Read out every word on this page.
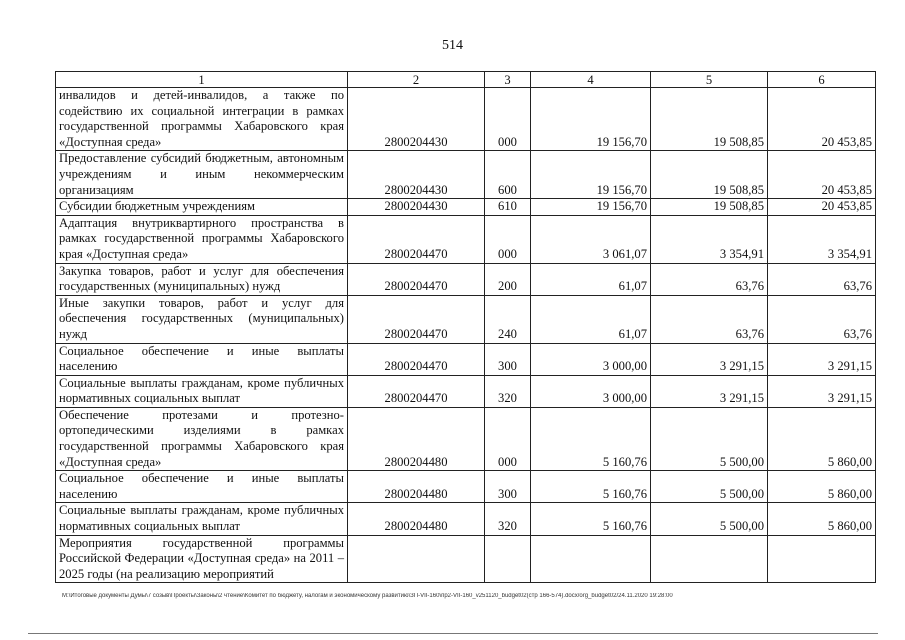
514
1	2	3	4	5	6
инвалидов и детей-инвалидов, а также по содействию их социальной интеграции в рамках государственной программы Хабаровского края «Доступная среда»	2800204430	000	19 156,70	19 508,85	20 453,85
Предоставление субсидий бюджетным, автономным учреждениям и иным некоммерческим организациям	2800204430	600	19 156,70	19 508,85	20 453,85
Субсидии бюджетным учреждениям	2800204430	610	19 156,70	19 508,85	20 453,85
Адаптация внутриквартирного пространства в рамках государственной программы Хабаровского края «Доступная среда»	2800204470	000	3 061,07	3 354,91	3 354,91
Закупка товаров, работ и услуг для обеспечения государственных (муниципальных) нужд	2800204470	200	61,07	63,76	63,76
Иные закупки товаров, работ и услуг для обеспечения государственных (муниципальных) нужд	2800204470	240	61,07	63,76	63,76
Социальное обеспечение и иные выплаты населению	2800204470	300	3 000,00	3 291,15	3 291,15
Социальные выплаты гражданам, кроме публичных нормативных социальных выплат	2800204470	320	3 000,00	3 291,15	3 291,15
Обеспечение протезами и протезно-ортопедическими изделиями в рамках государственной программы Хабаровского края «Доступная среда»	2800204480	000	5 160,76	5 500,00	5 860,00
Социальное обеспечение и иные выплаты населению	2800204480	300	5 160,76	5 500,00	5 860,00
Социальные выплаты гражданам, кроме публичных нормативных социальных выплат	2800204480	320	5 160,76	5 500,00	5 860,00
Мероприятия государственной программы Российской Федерации «Доступная среда» на 2011 – 2025 годы (на реализацию мероприятий					
M:\Итоговые документы Думы\7 созыв\Проекты\Законы\2 чтение\Комитет по бюджету, налогам и экономическому развитию\ЗП-VII-160\пр2-VII-160_v251120_budget02(стр 166-574).docx/org_budget02/24.11.2020 19:28:00
